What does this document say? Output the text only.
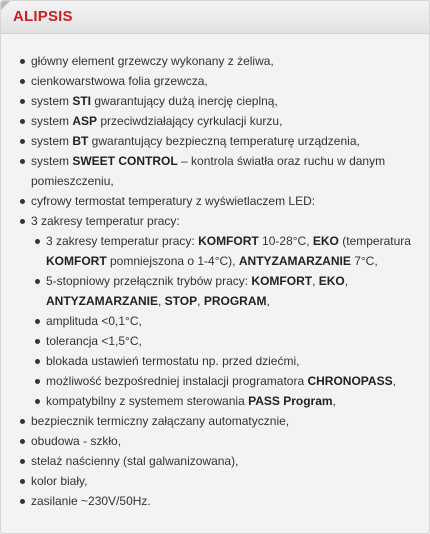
ALIPSIS
główny element grzewczy wykonany z żeliwa,
cienkowarstwowa folia grzewcza,
system STI gwarantujący dużą inercję cieplną,
system ASP przeciwdziałający cyrkulacji kurzu,
system BT gwarantujący bezpieczną temperaturę urządzenia,
system SWEET CONTROL – kontrola światła oraz ruchu w danym pomieszczeniu,
cyfrowy termostat temperatury z wyświetlaczem LED:
3 zakresy temperatur pracy:
3 zakresy temperatur pracy: KOMFORT 10-28°C, EKO (temperatura KOMFORT pomniejszona o 1-4°C), ANTYZAMARZANIE 7°C,
5-stopniowy przełącznik trybów pracy: KOMFORT, EKO, ANTYZAMARZANIE, STOP, PROGRAM,
amplituda <0,1°C,
tolerancja <1,5°C,
blokada ustawień termostatu np. przed dziećmi,
możliwość bezpośredniej instalacji programatora CHRONOPASS,
kompatybilny z systemem sterowania PASS Program,
bezpiecznik termiczny załączany automatycznie,
obudowa - szkło,
stelaż naścienny (stal galwanizowana),
kolor biały,
zasilanie ~230V/50Hz.
